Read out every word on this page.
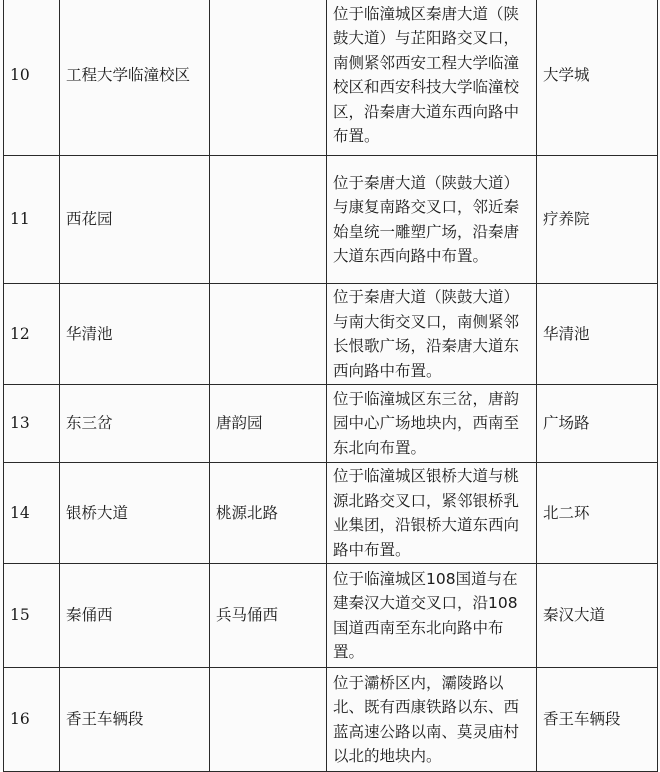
10	工程大学临潼校区		位于临潼城区秦唐大道（陕鼓大道）与芷阳路交叉口，南侧紧邻西安工程大学临潼校区和西安科技大学临潼校区，沿秦唐大道东西向路中布置。	大学城
11	西花园		位于秦唐大道（陕鼓大道）与康复南路交叉口，邻近秦始皇统一雕塑广场，沿秦唐大道东西向路中布置。	疗养院
12	华清池		位于秦唐大道（陕鼓大道）与南大街交叉口，南侧紧邻长恨歌广场，沿秦唐大道东西向路中布置。	华清池
13	东三岔	唐韵园	位于临潼城区东三岔，唐韵园中心广场地块内，西南至东北向布置。	广场路
14	银桥大道	桃源北路	位于临潼城区银桥大道与桃源北路交叉口，紧邻银桥乳业集团，沿银桥大道东西向路中布置。	北二环
15	秦俑西	兵马俑西	位于临潼城区108国道与在建秦汉大道交叉口，沿108国道西南至东北向路中布置。	秦汉大道
16	香王车辆段		位于灞桥区内，灞陵路以北、既有西康铁路以东、西蓝高速公路以南、莫灵庙村以北的地块内。	香王车辆段
